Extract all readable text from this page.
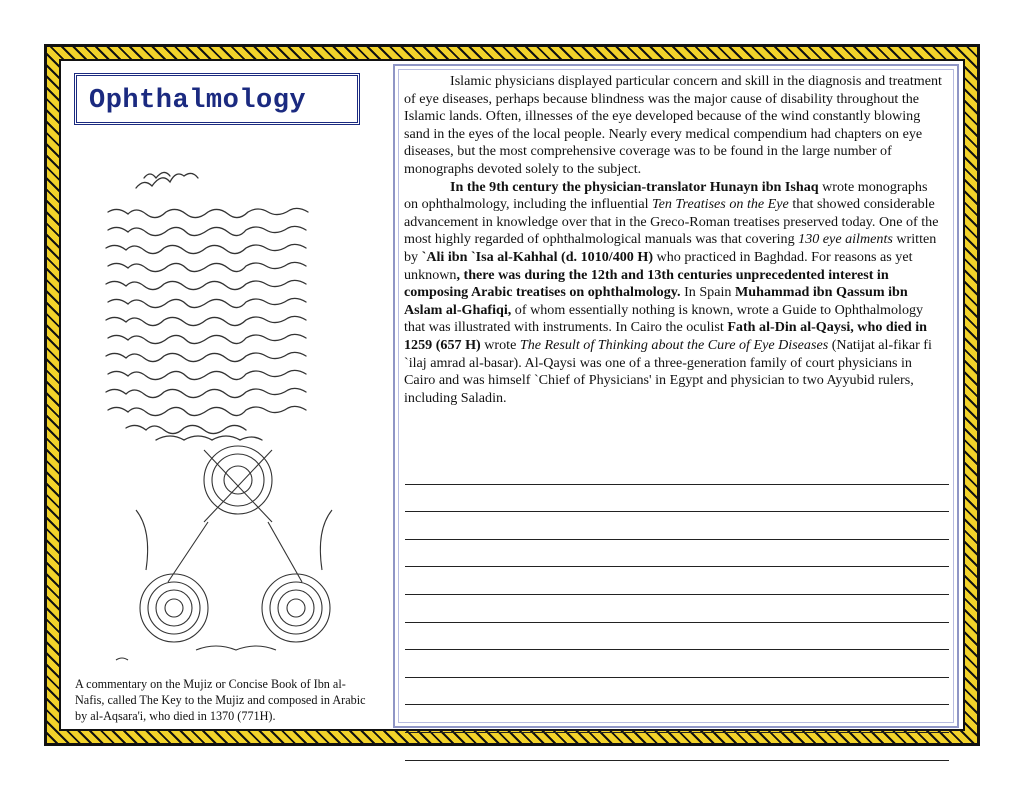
Ophthalmology
A commentary on the Mujiz or Concise Book of Ibn al-Nafis, called The Key to the Mujiz and composed in Arabic by al-Aqsara'i, who died in 1370 (771H).

Islamic physicians displayed particular concern and skill in the diagnosis and treatment of eye diseases, perhaps because blindness was the major cause of disability throughout the Islamic lands. Often, illnesses of the eye developed because of the wind constantly blowing sand in the eyes of the local people. Nearly every medical compendium had chapters on eye diseases, but the most comprehensive coverage was to be found in the large number of monographs devoted solely to the subject.

In the 9th century the physician-translator Hunayn ibn Ishaq wrote monographs on ophthalmology, including the influential Ten Treatises on the Eye that showed considerable advancement in knowledge over that in the Greco-Roman treatises preserved today. One of the most highly regarded of ophthalmological manuals was that covering 130 eye ailments written by `Ali ibn `Isa al-Kahhal (d. 1010/400 H) who practiced in Baghdad. For reasons as yet unknown, there was during the 12th and 13th centuries unprecedented interest in composing Arabic treatises on ophthalmology. In Spain Muhammad ibn Qassum ibn Aslam al-Ghafiqi, of whom essentially nothing is known, wrote a Guide to Ophthalmology that was illustrated with instruments. In Cairo the oculist Fath al-Din al-Qaysi, who died in 1259 (657 H) wrote The Result of Thinking about the Cure of Eye Diseases (Natijat al-fikar fi `ilaj amrad al-basar). Al-Qaysi was one of a three-generation family of court physicians in Cairo and was himself `Chief of Physicians' in Egypt and physician to two Ayyubid rulers, including Saladin.
